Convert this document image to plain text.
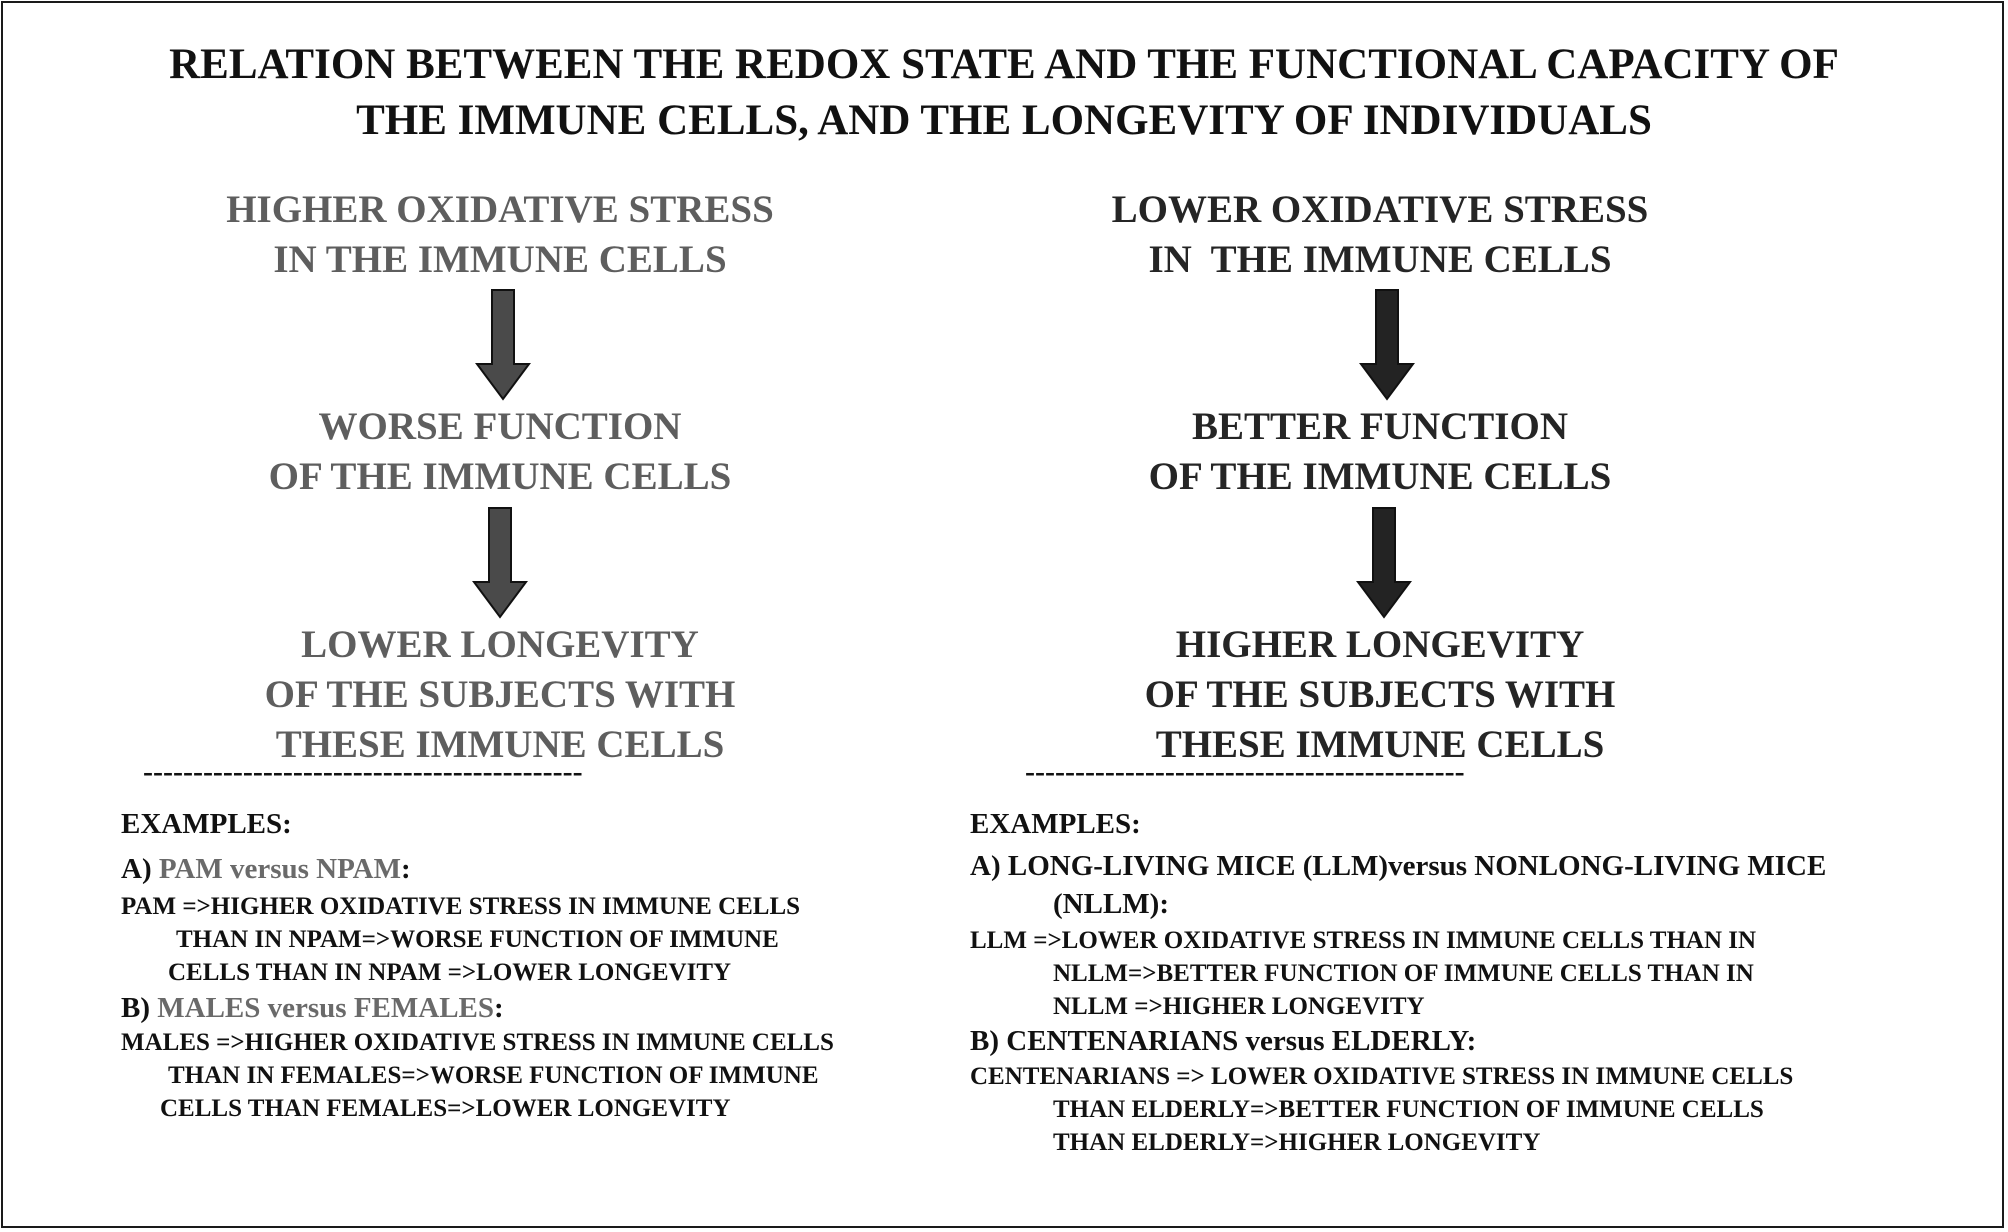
RELATION BETWEEN THE REDOX STATE AND THE FUNCTIONAL CAPACITY OF
THE IMMUNE CELLS, AND THE LONGEVITY OF INDIVIDUALS
HIGHER OXIDATIVE STRESS
IN THE IMMUNE CELLS
WORSE FUNCTION
OF THE IMMUNE CELLS
LOWER LONGEVITY
OF THE SUBJECTS WITH
THESE IMMUNE CELLS
--------------------------------------------
EXAMPLES:
A) PAM versus NPAM:
PAM =>HIGHER OXIDATIVE STRESS IN IMMUNE CELLS
THAN IN NPAM=>WORSE FUNCTION OF IMMUNE
CELLS THAN IN NPAM =>LOWER LONGEVITY
B) MALES versus FEMALES:
MALES =>HIGHER OXIDATIVE STRESS IN IMMUNE CELLS
THAN IN FEMALES=>WORSE FUNCTION OF IMMUNE
CELLS THAN FEMALES=>LOWER LONGEVITY
LOWER OXIDATIVE STRESS
IN  THE IMMUNE CELLS
BETTER FUNCTION
OF THE IMMUNE CELLS
HIGHER LONGEVITY
OF THE SUBJECTS WITH
THESE IMMUNE CELLS
--------------------------------------------
EXAMPLES:
A) LONG-LIVING MICE (LLM)versus NONLONG-LIVING MICE
(NLLM):
LLM =>LOWER OXIDATIVE STRESS IN IMMUNE CELLS THAN IN
NLLM=>BETTER FUNCTION OF IMMUNE CELLS THAN IN
NLLM =>HIGHER LONGEVITY
B) CENTENARIANS versus ELDERLY:
CENTENARIANS => LOWER OXIDATIVE STRESS IN IMMUNE CELLS
THAN ELDERLY=>BETTER FUNCTION OF IMMUNE CELLS
THAN ELDERLY=>HIGHER LONGEVITY
